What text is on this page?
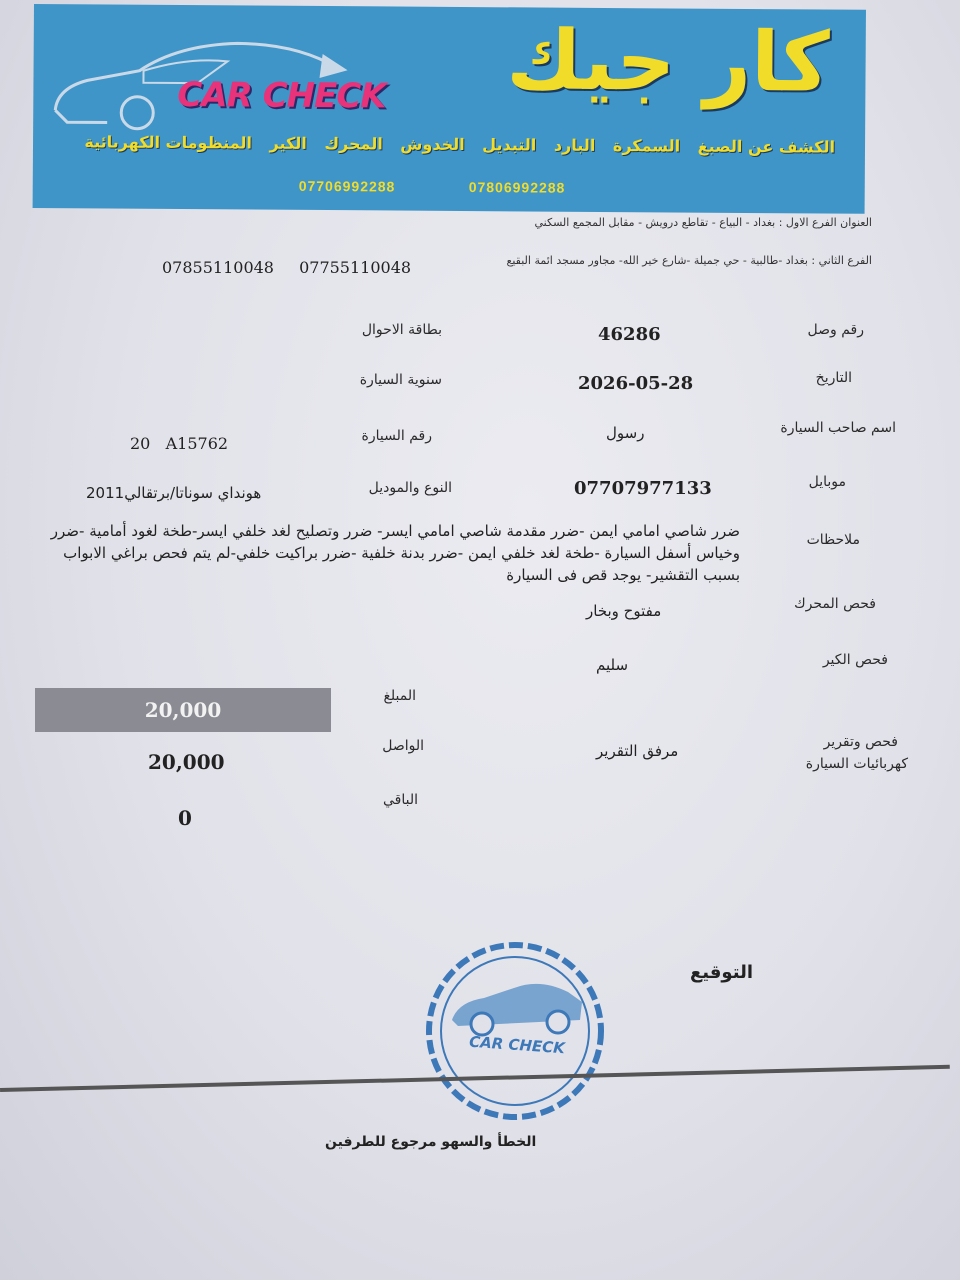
CAR CHECK كار جيك
الكشف عن الصبغ السمكرة البارد التبديل الخدوش المحرك الكير المنظومات الكهربائية
07806992288
07706992288
العنوان الفرع الاول : بغداد - البياع - تقاطع درويش - مقابل المجمع السكني
الفرع الثاني : بغداد -طالبية - حي جميلة -شارع خير الله- مجاور مسجد ائمة البقيع
07855110048 07755110048
رقم وصل
46286
بطاقة الاحوال
التاريخ
2026-05-28
سنوية السيارة
اسم صاحب السيارة
رسول
رقم السيارة
20   A15762
موبايل
07707977133
النوع والموديل
هونداي سوناتا/برتقالي2011
ملاحظات
ضرر شاصي امامي ايمن -ضرر مقدمة شاصي امامي ايسر- ضرر وتصليح لغد خلفي ايسر-طخة لغود أمامية -ضرر وخياس أسفل السيارة -طخة لغد خلفي ايمن -ضرر بدنة خلفية -ضرر براكيت خلفي-لم يتم فحص براغي الابواب بسبب التقشير- يوجد قص فى السيارة
فحص المحرك
مفتوح وبخار
فحص الكير
سليم
المبلغ
20,000
فحص وتقرير
كهربائيات السيارة
مرفق التقرير
الواصل
20,000
الباقي
0
التوقيع
CAR CHECK
الخطأ والسهو مرجوع للطرفين
